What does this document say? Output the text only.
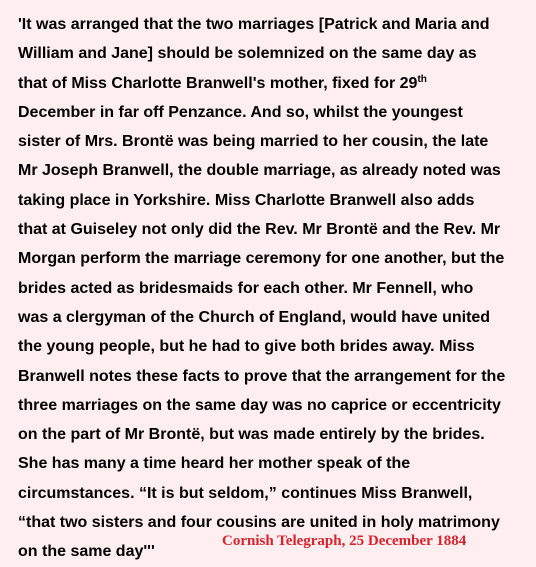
'It was arranged that the two marriages [Patrick and Maria and
William and Jane] should be solemnized on the same day as
that of Miss Charlotte Branwell's mother, fixed for 29th
December in far off Penzance. And so, whilst the youngest
sister of Mrs. Brontë was being married to her cousin, the late
Mr Joseph Branwell, the double marriage, as already noted was
taking place in Yorkshire. Miss Charlotte Branwell also adds
that at Guiseley not only did the Rev. Mr Brontë and the Rev. Mr
Morgan perform the marriage ceremony for one another, but the
brides acted as bridesmaids for each other. Mr Fennell, who
was a clergyman of the Church of England, would have united
the young people, but he had to give both brides away. Miss
Branwell notes these facts to prove that the arrangement for the
three marriages on the same day was no caprice or eccentricity
on the part of Mr Brontë, but was made entirely by the brides.
She has many a time heard her mother speak of the
circumstances. “It is but seldom,” continues Miss Branwell,
“that two sisters and four cousins are united in holy matrimony
on the same day'''
Cornish Telegraph, 25 December 1884
